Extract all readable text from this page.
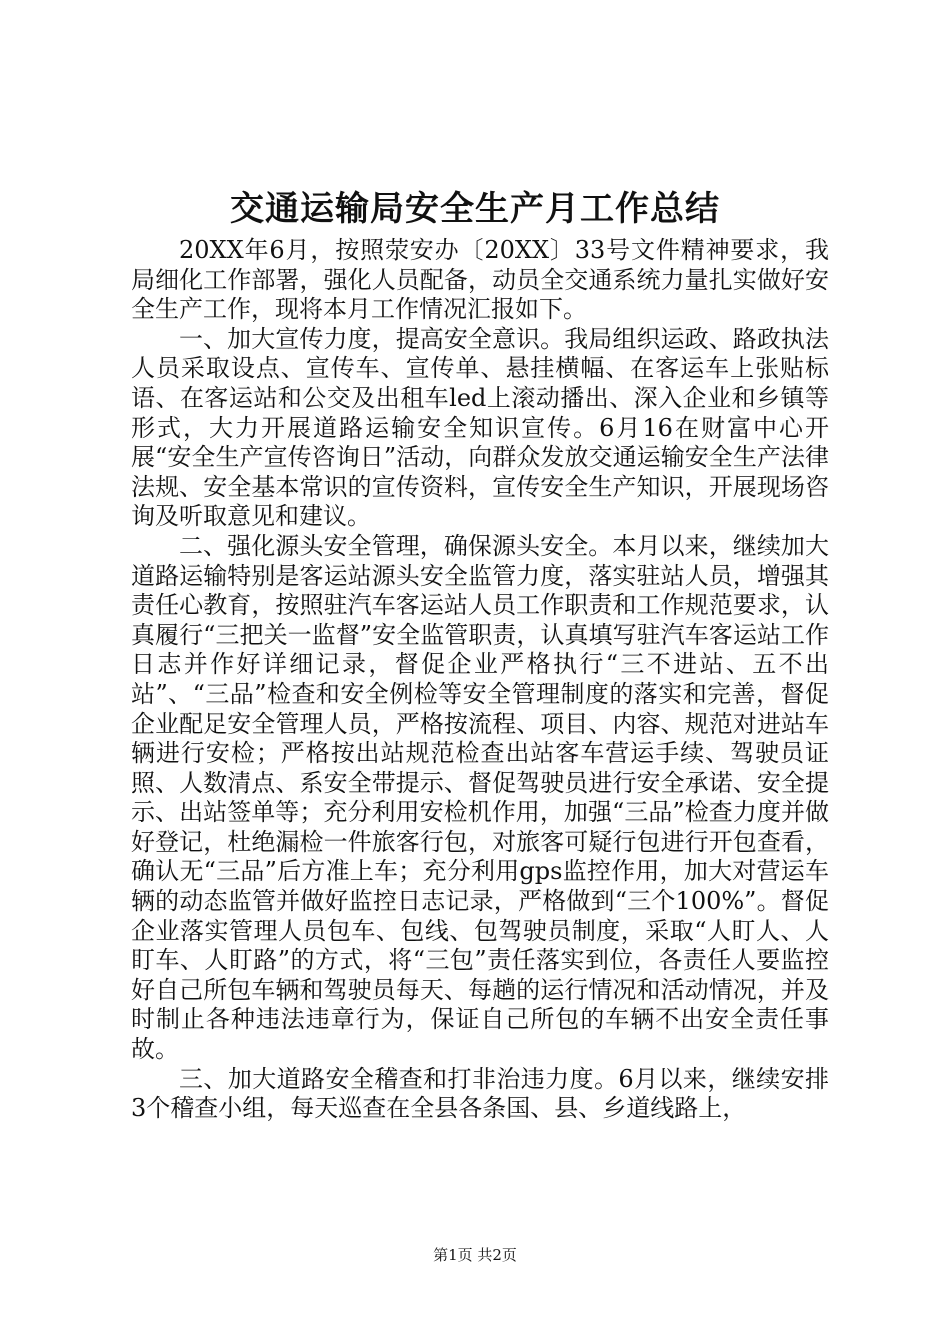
交通运输局安全生产月工作总结

20XX年6月，按照荥安办〔20XX〕33号文件精神要求，我局细化工作部署，强化人员配备，动员全交通系统力量扎实做好安全生产工作，现将本月工作情况汇报如下。

一、加大宣传力度，提高安全意识。我局组织运政、路政执法人员采取设点、宣传车、宣传单、悬挂横幅、在客运车上张贴标语、在客运站和公交及出租车led上滚动播出、深入企业和乡镇等形式，大力开展道路运输安全知识宣传。6月16在财富中心开展“安全生产宣传咨询日”活动，向群众发放交通运输安全生产法律法规、安全基本常识的宣传资料，宣传安全生产知识，开展现场咨询及听取意见和建议。

二、强化源头安全管理，确保源头安全。本月以来，继续加大道路运输特别是客运站源头安全监管力度，落实驻站人员，增强其责任心教育，按照驻汽车客运站人员工作职责和工作规范要求，认真履行“三把关一监督”安全监管职责，认真填写驻汽车客运站工作日志并作好详细记录，督促企业严格执行“三不进站、五不出站”、“三品”检查和安全例检等安全管理制度的落实和完善，督促企业配足安全管理人员，严格按流程、项目、内容、规范对进站车辆进行安检；严格按出站规范检查出站客车营运手续、驾驶员证照、人数清点、系安全带提示、督促驾驶员进行安全承诺、安全提示、出站签单等；充分利用安检机作用，加强“三品”检查力度并做好登记，杜绝漏检一件旅客行包，对旅客可疑行包进行开包查看，确认无“三品”后方准上车；充分利用gps监控作用，加大对营运车辆的动态监管并做好监控日志记录，严格做到“三个100%”。督促企业落实管理人员包车、包线、包驾驶员制度，采取“人盯人、人盯车、人盯路”的方式，将“三包”责任落实到位，各责任人要监控好自己所包车辆和驾驶员每天、每趟的运行情况和活动情况，并及时制止各种违法违章行为，保证自己所包的车辆不出安全责任事故。

三、加大道路安全稽查和打非治违力度。6月以来，继续安排3个稽查小组，每天巡查在全县各条国、县、乡道线路上，

第1页 共2页
